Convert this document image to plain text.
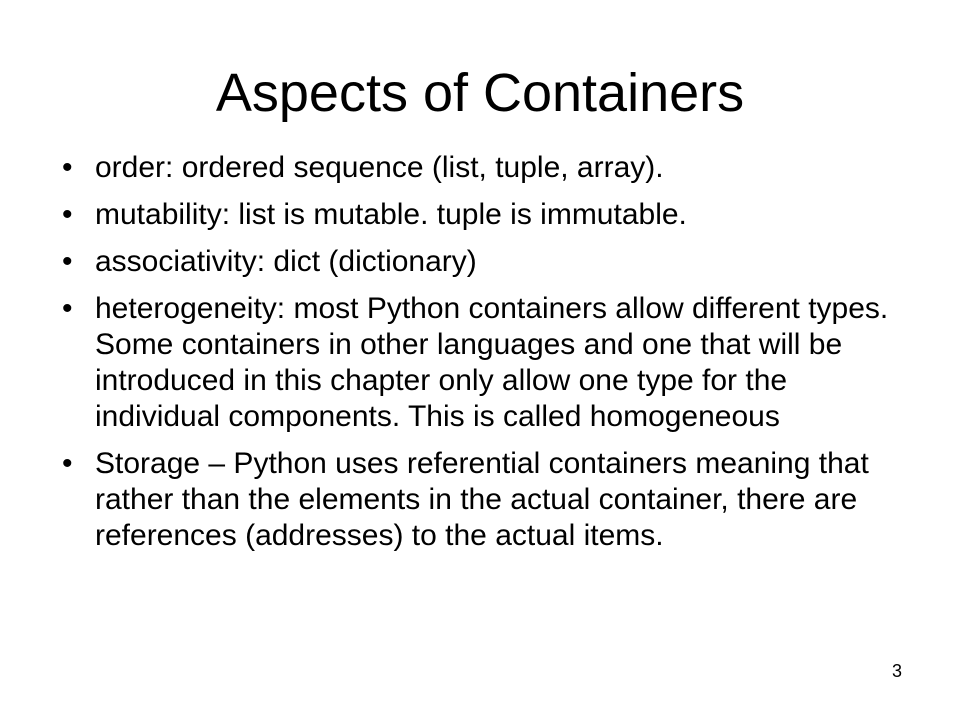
Aspects of Containers
• order: ordered sequence (list, tuple, array).
• mutability: list is mutable. tuple is immutable.
• associativity: dict (dictionary)
• heterogeneity: most Python containers allow different types. Some containers in other languages and one that will be introduced in this chapter only allow one type for the individual components. This is called homogeneous
• Storage – Python uses referential containers meaning that rather than the elements in the actual container, there are references (addresses) to the actual items.
3
